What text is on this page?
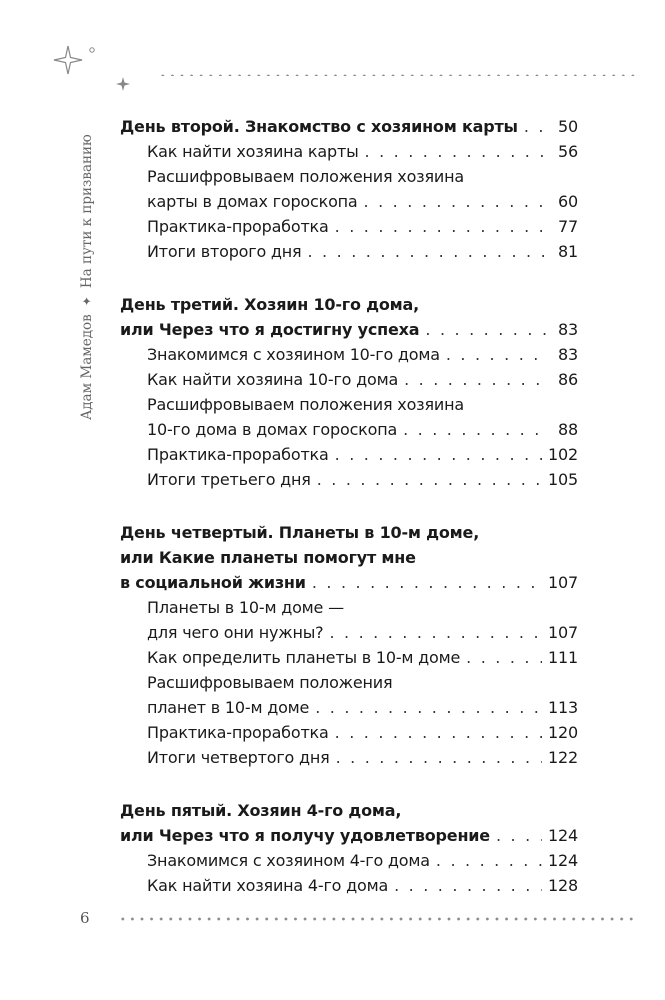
Адам Мамедов
✦
На пути к призванию
День второй. Знакомство с хозяином карты . . .	50
Как найти хозяина карты . . .	56
Расшифровываем положения хозяина
карты в домах гороскопа . . .	60
Практика-проработка . . .	77
Итоги второго дня . . .	81
День третий. Хозяин 10-го дома,
или Через что я достигну успеха . . .	83
Знакомимся с хозяином 10-го дома . . .	83
Как найти хозяина 10-го дома . . .	86
Расшифровываем положения хозяина
10-го дома в домах гороскопа . . .	88
Практика-проработка . . .	102
Итоги третьего дня . . .	105
День четвертый. Планеты в 10-м доме,
или Какие планеты помогут мне
в социальной жизни . . .	107
Планеты в 10-м доме —
для чего они нужны? . . .	107
Как определить планеты в 10-м доме . . .	111
Расшифровываем положения
планет в 10-м доме . . .	113
Практика-проработка . . .	120
Итоги четвертого дня . . .	122
День пятый. Хозяин 4-го дома,
или Через что я получу удовлетворение . . .	124
Знакомимся с хозяином 4-го дома . . .	124
Как найти хозяина 4-го дома . . .	128
6
